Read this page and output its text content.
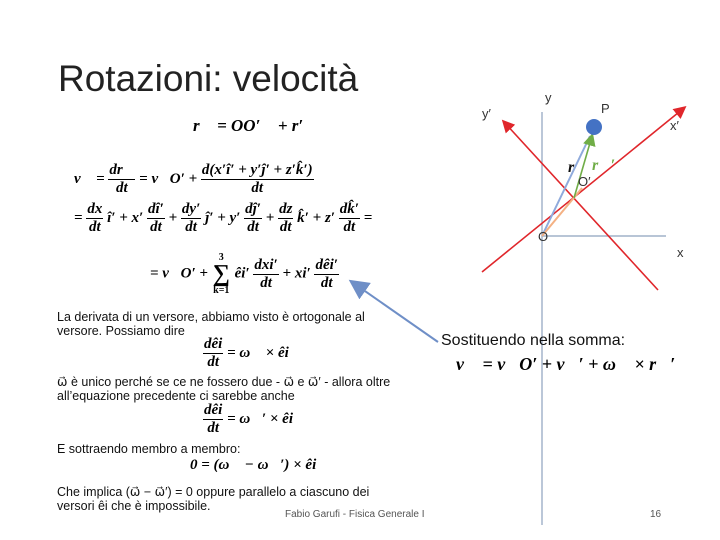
Rotazioni: velocità	y
y′
x
x′
P
O
O′
r⃗ r⃗′
r⃗ = OO′⃗ + r′⃗
v⃗ = $\frac{dr⃗}{dt}$ = v⃗O′ + $\frac{d(x'î' + y'ĵ' + z'k̂')}{dt}$
= $\frac{dx}{dt}$ î′ + $x' \frac{dî'}{dt} + \frac{dy'}{dt}$ ĵ′ + $y' \frac{dĵ'}{dt} + \frac{dz}{dt}$ k̂′ + $z' \frac{dk̂'}{dt}$ =
= v⃗O′ +
3
∑
k=1
êi′ $\frac{\text{dxi′}}{dt} + xi' \frac{\text{dêi′}}{dt}$
La derivata di un versore, abbiamo visto è ortogonale al
versore. Possiamo dire
$\frac{\text{dêi}}{dt}$ = ω⃗ × êi
ω⃗ è unico perché se ce ne fossero due - ω⃗ e ω⃗′ - allora oltre
all’equazione precedente ci sarebbe anche
$\frac{\text{dêi}}{dt}$ = ω⃗′ × êi
E sottraendo membro a membro:
0 = (ω⃗ − ω⃗′) × êi
Che implica (ω⃗ − ω⃗′) = 0 oppure parallelo a ciascuno dei
versori êi che è impossibile.
Sostituendo nella somma:
v⃗ = v⃗O′ + v⃗′ + ω⃗ × r⃗′
Fabio Garufi - Fisica Generale I	16
